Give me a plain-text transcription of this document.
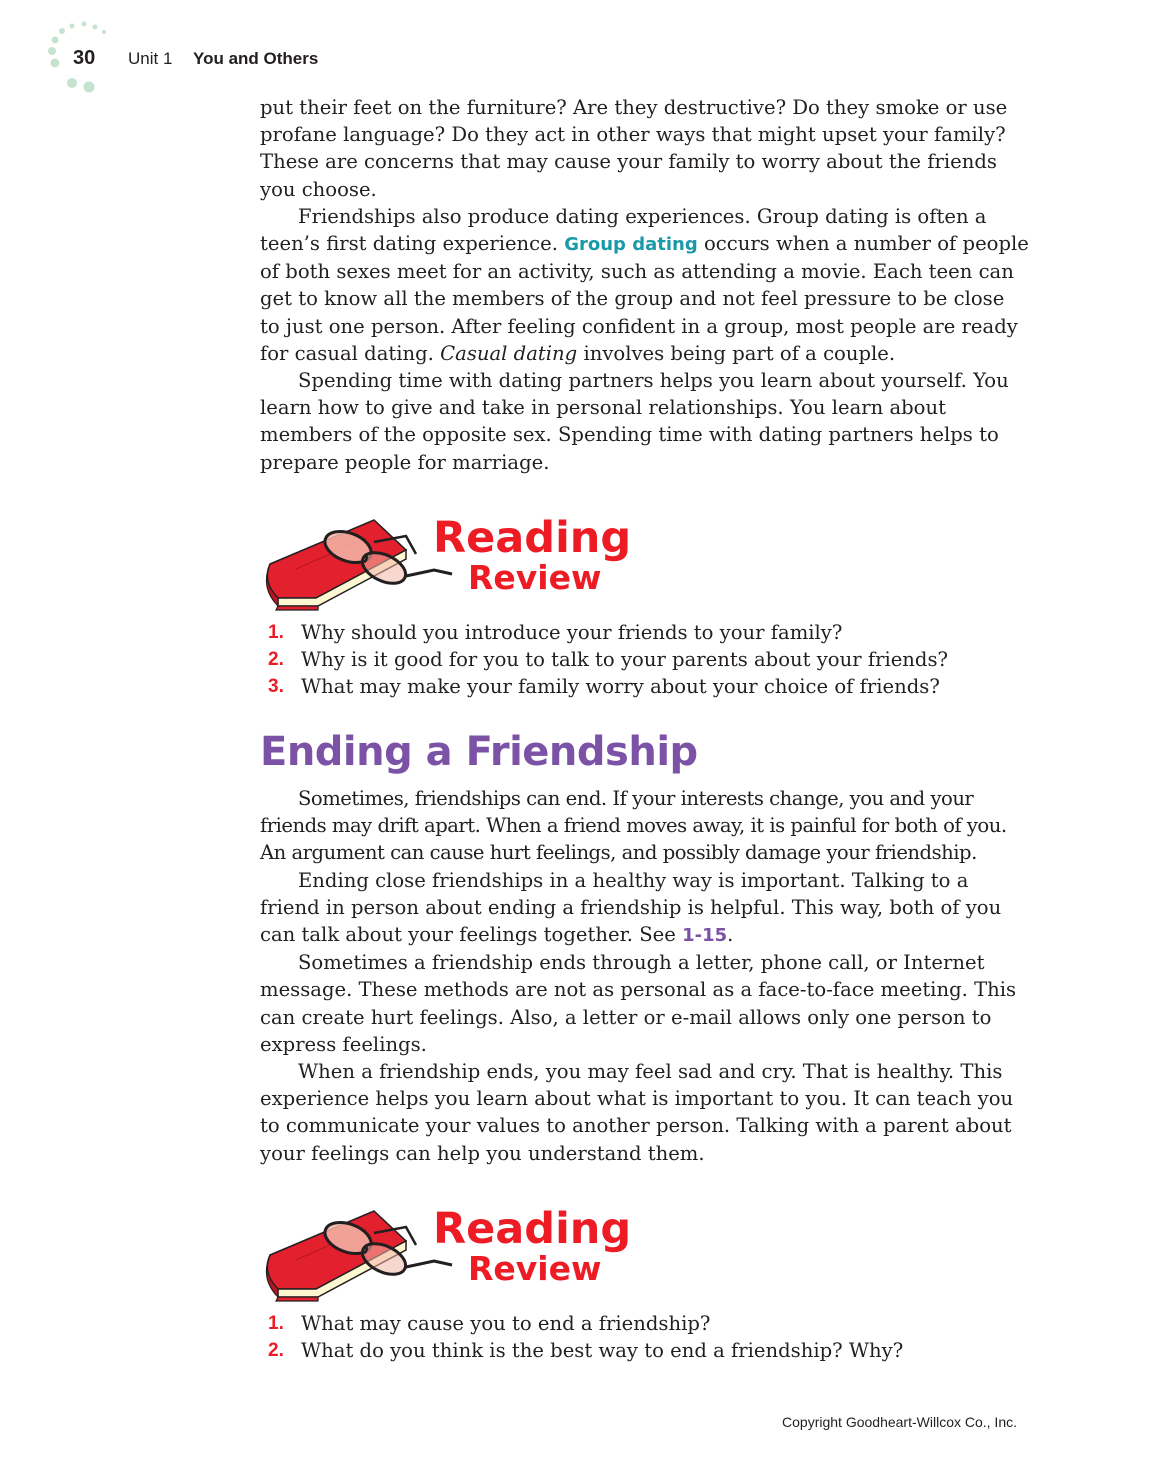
30 Unit 1 You and Others

put their feet on the furniture? Are they destructive? Do they smoke or use profane language? Do they act in other ways that might upset your family? These are concerns that may cause your family to worry about the friends you choose.

Friendships also produce dating experiences. Group dating is often a teen’s first dating experience. Group dating occurs when a number of people of both sexes meet for an activity, such as attending a movie. Each teen can get to know all the members of the group and not feel pressure to be close to just one person. After feeling confident in a group, most people are ready for casual dating. Casual dating involves being part of a couple.

Spending time with dating partners helps you learn about yourself. You learn how to give and take in personal relationships. You learn about members of the opposite sex. Spending time with dating partners helps to prepare people for marriage.

Reading
Review
1. Why should you introduce your friends to your family?
2. Why is it good for you to talk to your parents about your friends?
3. What may make your family worry about your choice of friends?
Ending a Friendship

Sometimes, friendships can end. If your interests change, you and your friends may drift apart. When a friend moves away, it is painful for both of you. An argument can cause hurt feelings, and possibly damage your friendship.

Ending close friendships in a healthy way is important. Talking to a friend in person about ending a friendship is helpful. This way, both of you can talk about your feelings together. See 1-15.

Sometimes a friendship ends through a letter, phone call, or Internet message. These methods are not as personal as a face-to-face meeting. This can create hurt feelings. Also, a letter or e-mail allows only one person to express feelings.

When a friendship ends, you may feel sad and cry. That is healthy. This experience helps you learn about what is important to you. It can teach you to communicate your values to another person. Talking with a parent about your feelings can help you understand them.

Reading
Review
1. What may cause you to end a friendship?
2. What do you think is the best way to end a friendship? Why?
Copyright Goodheart-Willcox Co., Inc.
